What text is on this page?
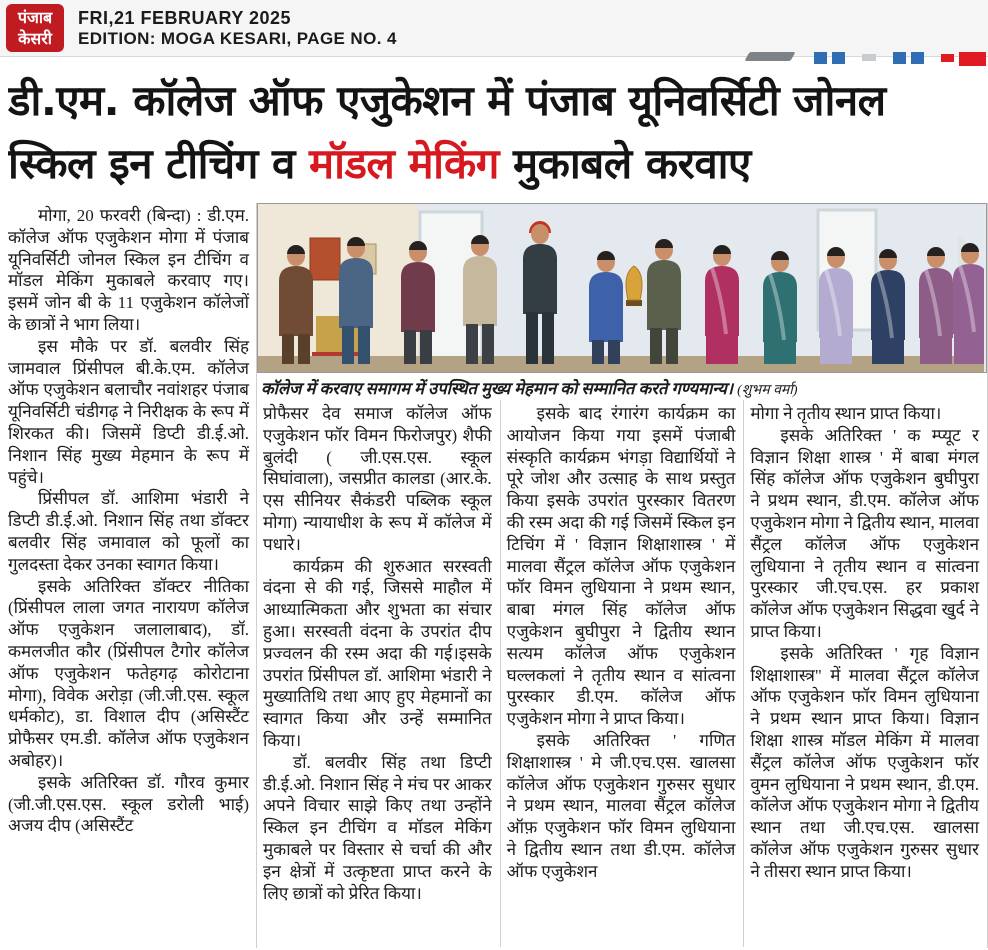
पंजाब
केसरी
FRI,21 FEBRUARY 2025
EDITION: MOGA KESARI, PAGE NO. 4
डी.एम. कॉलेज ऑफ एजुकेशन में पंजाब यूनिवर्सिटी जोनल
स्किल इन टीचिंग व मॉडल मेकिंग मुकाबले करवाए

मोगा, 20 फरवरी (बिन्दा) : डी.एम. कॉलेज ऑफ एजुकेशन मोगा में पंजाब यूनिवर्सिटी जोनल स्किल इन टीचिंग व मॉडल मेकिंग मुकाबले करवाए गए। इसमें जोन बी के 11 एजुकेशन कॉलेजों के छात्रों ने भाग लिया।

इस मौके पर डॉ. बलवीर सिंह जामवाल प्रिंसीपल बी.के.एम. कॉलेज ऑफ एजुकेशन बलाचौर नवांशहर पंजाब यूनिवर्सिटी चंडीगढ़ ने निरीक्षक के रूप में शिरकत की। जिसमें डिप्टी डी.ई.ओ. निशान सिंह मुख्य मेहमान के रूप में पहुंचे।

प्रिंसीपल डॉ. आशिमा भंडारी ने डिप्टी डी.ई.ओ. निशान सिंह तथा डॉक्टर बलवीर सिंह जमावाल को फूलों का गुलदस्ता देकर उनका स्वागत किया।

इसके अतिरिक्त डॉक्टर नीतिका (प्रिंसीपल लाला जगत नारायण कॉलेज ऑफ एजुकेशन जलालाबाद), डॉ. कमलजीत कौर (प्रिंसीपल टैगोर कॉलेज ऑफ एजुकेशन फतेहगढ़ कोरोटाना मोगा), विवेक अरोड़ा (जी.जी.एस. स्कूल धर्मकोट), डा. विशाल दीप (असिस्टैंट प्रोफैसर एम.डी. कॉलेज ऑफ एजुकेशन अबोहर)।

इसके अतिरिक्त डॉ. गौरव कुमार (जी.जी.एस.एस. स्कूल डरोली भाई) अजय दीप (असिस्टैंट

कॉलेज में करवाए समागम में उपस्थित मुख्य मेहमान को सम्मानित करते गण्यमान्य। (शुभम वर्मा)

प्रोफैसर देव समाज कॉलेज ऑफ एजुकेशन फॉर विमन फिरोजपुर) शैफी बुलंदी ( जी.एस.एस. स्कूल सिघांवाला), जसप्रीत कालडा (आर.के. एस सीनियर सैकंडरी पब्लिक स्कूल मोगा) न्यायाधीश के रूप में कॉलेज में पधारे।

कार्यक्रम की शुरुआत सरस्वती वंदना से की गई, जिससे माहौल में आध्यात्मिकता और शुभता का संचार हुआ। सरस्वती वंदना के उपरांत दीप प्रज्वलन की रस्म अदा की गई।इसके उपरांत प्रिंसीपल डॉ. आशिमा भंडारी ने मुख्यातिथि तथा आए हुए मेहमानों का स्वागत किया और उन्हें सम्मानित किया।

डॉ. बलवीर सिंह तथा डिप्टी डी.ई.ओ. निशान सिंह ने मंच पर आकर अपने विचार साझे किए तथा उन्होंने स्किल इन टीचिंग व मॉडल मेकिंग मुकाबले पर विस्तार से चर्चा की और इन क्षेत्रों में उत्कृष्टता प्राप्त करने के लिए छात्रों को प्रेरित किया।

इसके बाद रंगारंग कार्यक्रम का आयोजन किया गया इसमें पंजाबी संस्कृति कार्यक्रम भंगड़ा विद्यार्थियों ने पूरे जोश और उत्साह के साथ प्रस्तुत किया इसके उपरांत पुरस्कार वितरण की रस्म अदा की गई जिसमें स्किल इन टिचिंग में ' विज्ञान शिक्षाशास्त्र ' में मालवा सैंट्रल कॉलेज ऑफ एजुकेशन फॉर विमन लुधियाना ने प्रथम स्थान, बाबा मंगल सिंह कॉलेज ऑफ एजुकेशन बुघीपुरा ने द्वितीय स्थान सत्यम कॉलेज ऑफ एजुकेशन घल्लकलां ने तृतीय स्थान व सांत्वना पुरस्कार डी.एम. कॉलेज ऑफ एजुकेशन मोगा ने प्राप्त किया।

इसके अतिरिक्त ' गणित शिक्षाशास्त्र ' मे जी.एच.एस. खालसा कॉलेज ऑफ एजुकेशन गुरुसर सुधार ने प्रथम स्थान, मालवा सैंट्रल कॉलेज ऑफ़ एजुकेशन फॉर विमन लुधियाना ने द्वितीय स्थान तथा डी.एम. कॉलेज ऑफ एजुकेशन

मोगा ने तृतीय स्थान प्राप्त किया।

इसके अतिरिक्त ' क म्प्यूट र विज्ञान शिक्षा शास्त्र ' में बाबा मंगल सिंह कॉलेज ऑफ एजुकेशन बुघीपुरा ने प्रथम स्थान, डी.एम. कॉलेज ऑफ एजुकेशन मोगा ने द्वितीय स्थान, मालवा सैंट्रल कॉलेज ऑफ एजुकेशन लुधियाना ने तृतीय स्थान व सांत्वना पुरस्कार जी.एच.एस. हर प्रकाश कॉलेज ऑफ एजुकेशन सिद्धवा खुर्द ने प्राप्त किया।

इसके अतिरिक्त ' गृह विज्ञान शिक्षाशास्त्र" में मालवा सैंट्रल कॉलेज ऑफ एजुकेशन फॉर विमन लुधियाना ने प्रथम स्थान प्राप्त किया। विज्ञान शिक्षा शास्त्र मॉडल मेकिंग में मालवा सैंट्रल कॉलेज ऑफ एजुकेशन फॉर वुमन लुधियाना ने प्रथम स्थान, डी.एम. कॉलेज ऑफ एजुकेशन मोगा ने द्वितीय स्थान तथा जी.एच.एस. खालसा कॉलेज ऑफ एजुकेशन गुरुसर सुधार ने तीसरा स्थान प्राप्त किया।
